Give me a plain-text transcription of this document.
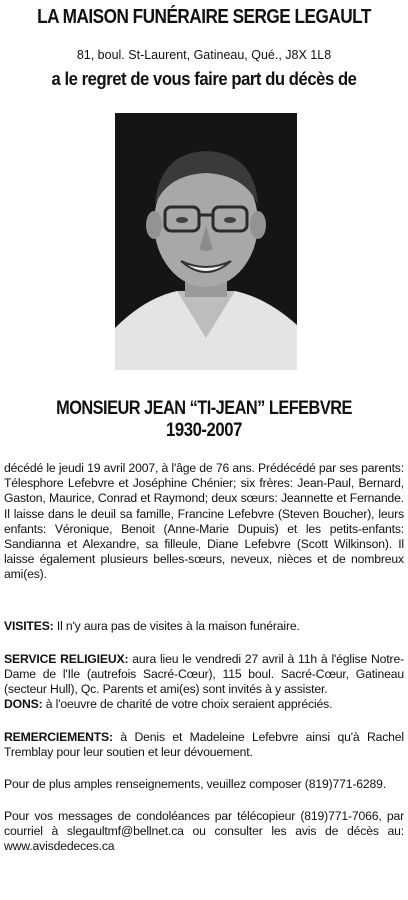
LA MAISON FUNÉRAIRE SERGE LEGAULT
81, boul. St-Laurent, Gatineau, Qué., J8X 1L8
a le regret de vous faire part du décès de
MONSIEUR JEAN “TI-JEAN” LEFEBVRE
1930-2007
décédé le jeudi 19 avril 2007, à l'âge de 76 ans. Prédécédé par ses parents: Télesphore Lefebvre et Joséphine Chénier; six frères: Jean-Paul, Bernard, Gaston, Maurice, Conrad et Raymond; deux sœurs: Jeannette et Fernande. Il laisse dans le deuil sa famille, Francine Lefebvre (Steven Boucher), leurs enfants: Véronique, Benoit (Anne-Marie Dupuis) et les petits-enfants: Sandianna et Alexandre, sa filleule, Diane Lefebvre (Scott Wilkinson). Il laisse également plusieurs belles-sœurs, neveux, nièces et de nombreux ami(es).
VISITES: Il n'y aura pas de visites à la maison funéraire.
SERVICE RELIGIEUX: aura lieu le vendredi 27 avril à 11h à l'église Notre-Dame de l'Ile (autrefois Sacré-Cœur), 115 boul. Sacré-Cœur, Gatineau (secteur Hull), Qc. Parents et ami(es) sont invités à y assister.
DONS: à l'oeuvre de charité de votre choix seraient appréciés.
REMERCIEMENTS: à Denis et Madeleine Lefebvre ainsi qu'à Rachel Tremblay pour leur soutien et leur dévouement.
Pour de plus amples renseignements, veuillez composer (819)771-6289.
Pour vos messages de condoléances par télécopieur (819)771-7066, par courriel à slegaultmf@bellnet.ca ou consulter les avis de décès au: www.avisdedeces.ca
